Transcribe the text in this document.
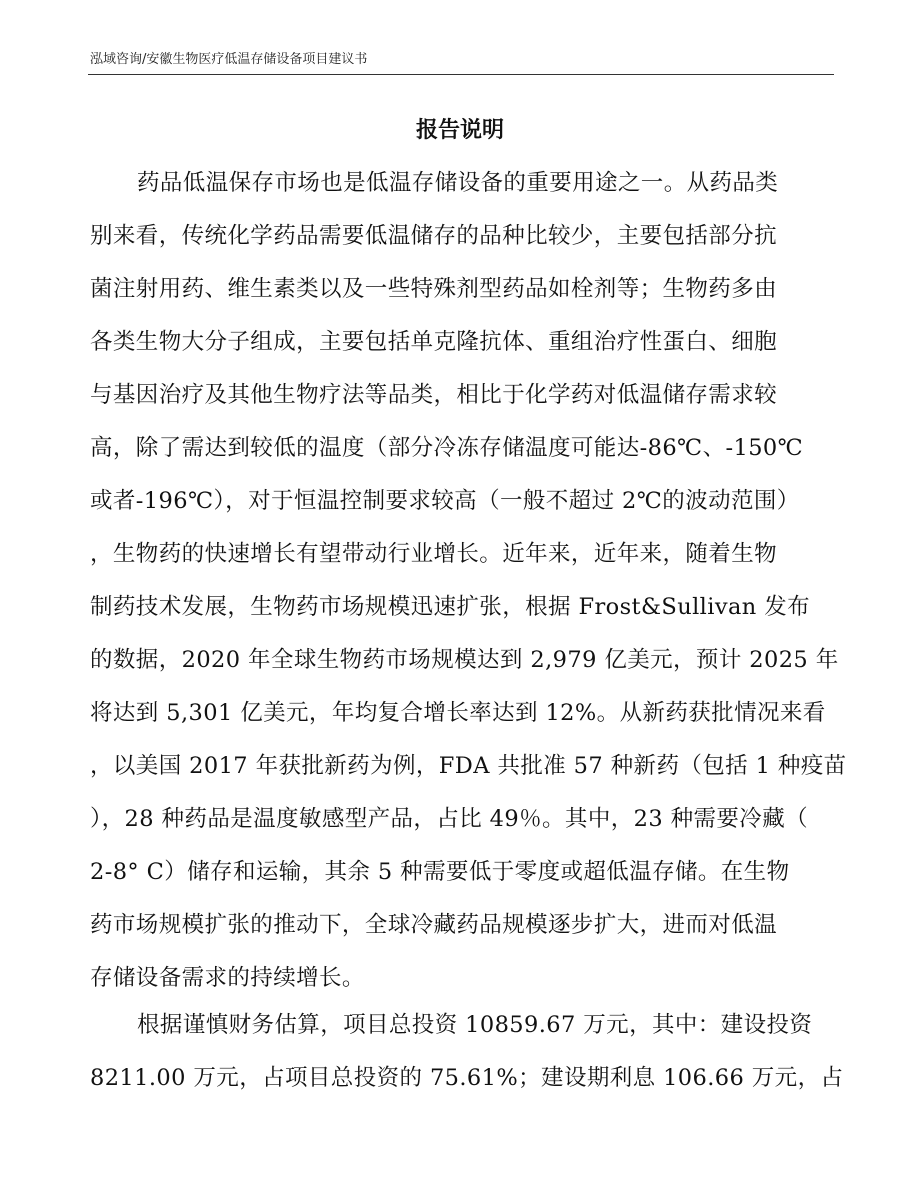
泓域咨询/安徽生物医疗低温存储设备项目建议书
报告说明
药品低温保存市场也是低温存储设备的重要用途之一。从药品类
别来看，传统化学药品需要低温储存的品种比较少，主要包括部分抗
菌注射用药、维生素类以及一些特殊剂型药品如栓剂等；生物药多由
各类生物大分子组成，主要包括单克隆抗体、重组治疗性蛋白、细胞
与基因治疗及其他生物疗法等品类，相比于化学药对低温储存需求较
高，除了需达到较低的温度（部分冷冻存储温度可能达-86℃、-150℃
或者-196℃），对于恒温控制要求较高（一般不超过 2℃的波动范围）
，生物药的快速增长有望带动行业增长。近年来，近年来，随着生物
制药技术发展，生物药市场规模迅速扩张，根据 Frost&Sullivan 发布
的数据，2020 年全球生物药市场规模达到 2,979 亿美元，预计 2025 年
将达到 5,301 亿美元，年均复合增长率达到 12%。从新药获批情况来看
，以美国 2017 年获批新药为例，FDA 共批准 57 种新药（包括 1 种疫苗
），28 种药品是温度敏感型产品，占比 49％。其中，23 种需要冷藏（
2-8° C）储存和运输，其余 5 种需要低于零度或超低温存储。在生物
药市场规模扩张的推动下，全球冷藏药品规模逐步扩大，进而对低温
存储设备需求的持续增长。
根据谨慎财务估算，项目总投资 10859.67 万元，其中：建设投资
8211.00 万元，占项目总投资的 75.61%；建设期利息 106.66 万元，占
